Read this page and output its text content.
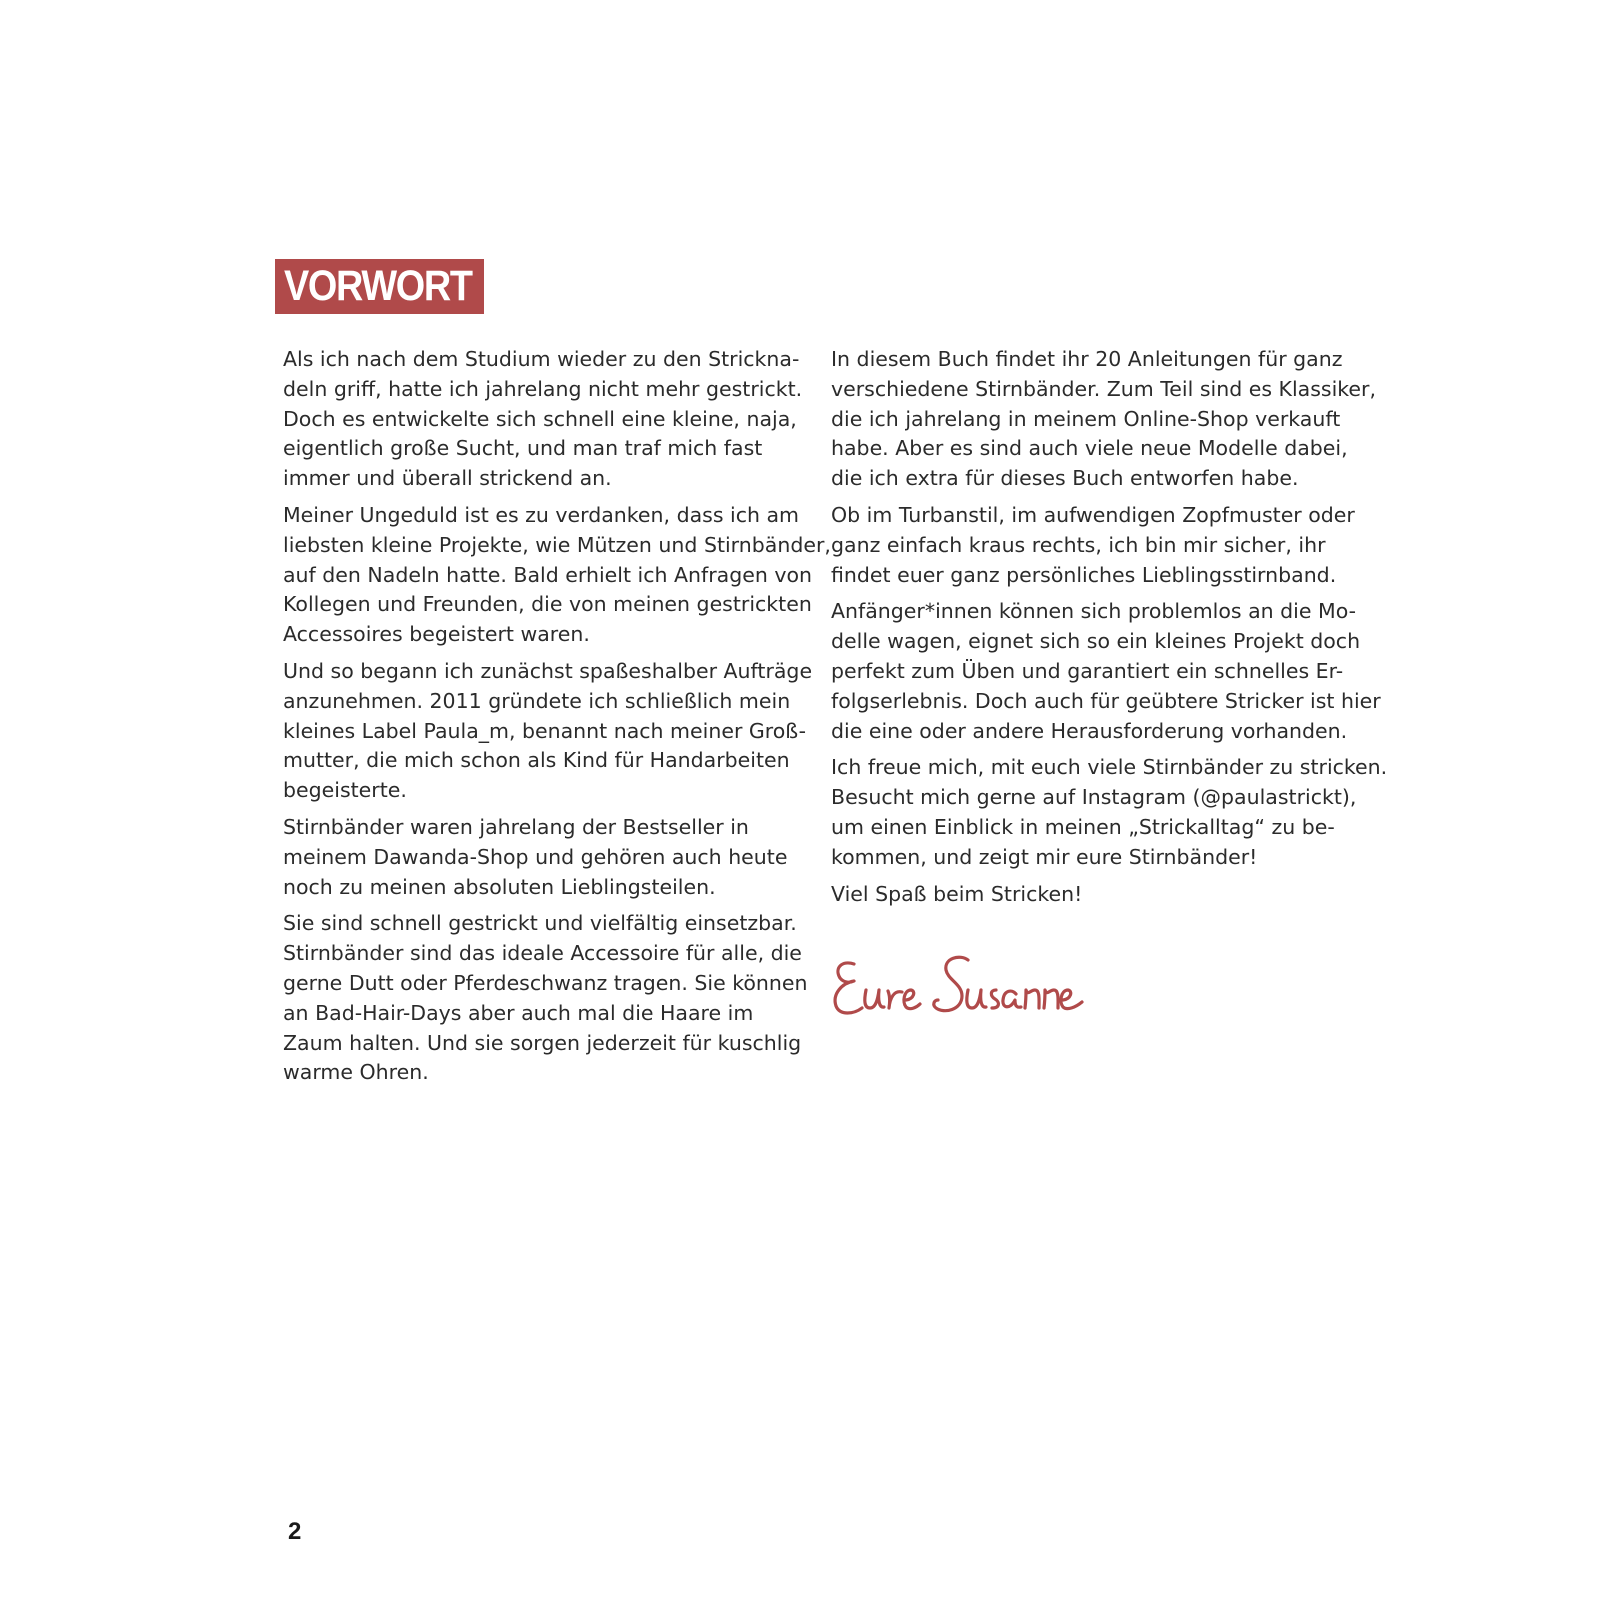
VORWORT

Als ich nach dem Studium wieder zu den Stricknа-
deln griff, hatte ich jahrelang nicht mehr gestrickt.
Doch es entwickelte sich schnell eine kleine, naja,
eigentlich große Sucht, und man traf mich fast
immer und überall strickend an.

Meiner Ungeduld ist es zu verdanken, dass ich am
liebsten kleine Projekte, wie Mützen und Stirnbänder,
auf den Nadeln hatte. Bald erhielt ich Anfragen von
Kollegen und Freunden, die von meinen gestrickten
Accessoires begeistert waren.

Und so begann ich zunächst spaßeshalber Aufträge
anzunehmen. 2011 gründete ich schließlich mein
kleines Label Paula_m, benannt nach meiner Groß-
mutter, die mich schon als Kind für Handarbeiten
begeisterte.

Stirnbänder waren jahrelang der Bestseller in
meinem Dawanda-Shop und gehören auch heute
noch zu meinen absoluten Lieblingsteilen.

Sie sind schnell gestrickt und vielfältig einsetzbar.
Stirnbänder sind das ideale Accessoire für alle, die
gerne Dutt oder Pferdeschwanz tragen. Sie können
an Bad-Hair-Days aber auch mal die Haare im
Zaum halten. Und sie sorgen jederzeit für kuschlig
warme Ohren.

In diesem Buch findet ihr 20 Anleitungen für ganz
verschiedene Stirnbänder. Zum Teil sind es Klassiker,
die ich jahrelang in meinem Online-Shop verkauft
habe. Aber es sind auch viele neue Modelle dabei,
die ich extra für dieses Buch entworfen habe.

Ob im Turbanstil, im aufwendigen Zopfmuster oder
ganz einfach kraus rechts, ich bin mir sicher, ihr
findet euer ganz persönliches Lieblingsstirnband.

Anfänger*innen können sich problemlos an die Mo-
delle wagen, eignet sich so ein kleines Projekt doch
perfekt zum Üben und garantiert ein schnelles Er-
folgserlebnis. Doch auch für geübtere Stricker ist hier
die eine oder andere Herausforderung vorhanden.

Ich freue mich, mit euch viele Stirnbänder zu stricken.
Besucht mich gerne auf Instagram (@paulastrickt),
um einen Einblick in meinen „Strickalltag“ zu be-
kommen, und zeigt mir eure Stirnbänder!

Viel Spaß beim Stricken!

2
